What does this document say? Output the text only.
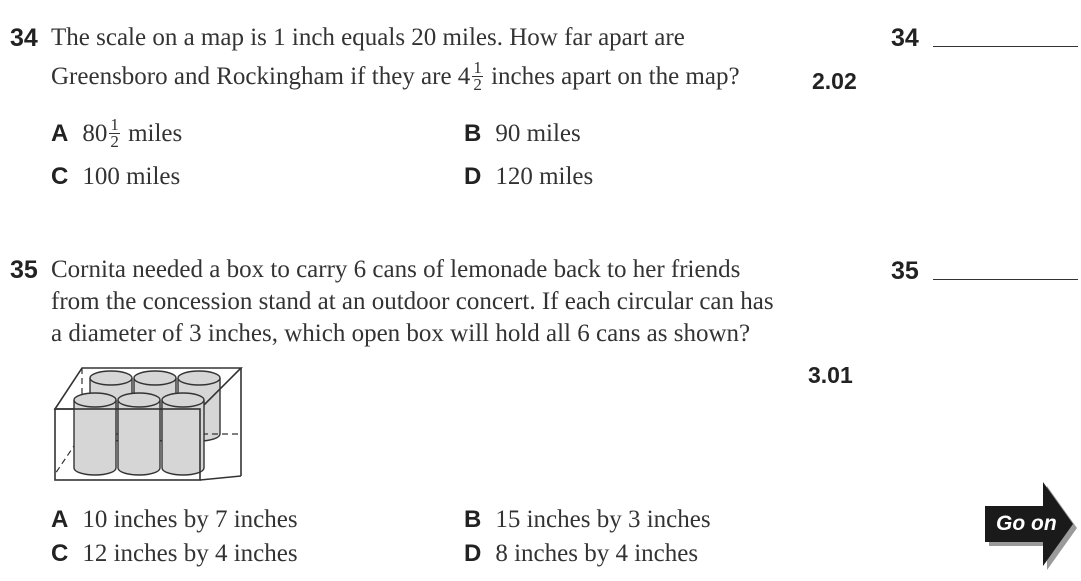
34 The scale on a map is 1 inch equals 20 miles. How far apart are
Greensboro and Rockingham if they are $4 \frac{1}{2}$ inches apart on the map?	2.02
34
A $80 \frac{1}{2}$ miles	B 90 miles
C 100 miles	D 120 miles
35 Cornita needed a box to carry 6 cans of lemonade back to her friends
from the concession stand at an outdoor concert. If each circular can has
a diameter of 3 inches, which open box will hold all 6 cans as shown?
3.01
35
A 10 inches by 7 inches	B 15 inches by 3 inches
C 12 inches by 4 inches	D 8 inches by 4 inches
Go on
